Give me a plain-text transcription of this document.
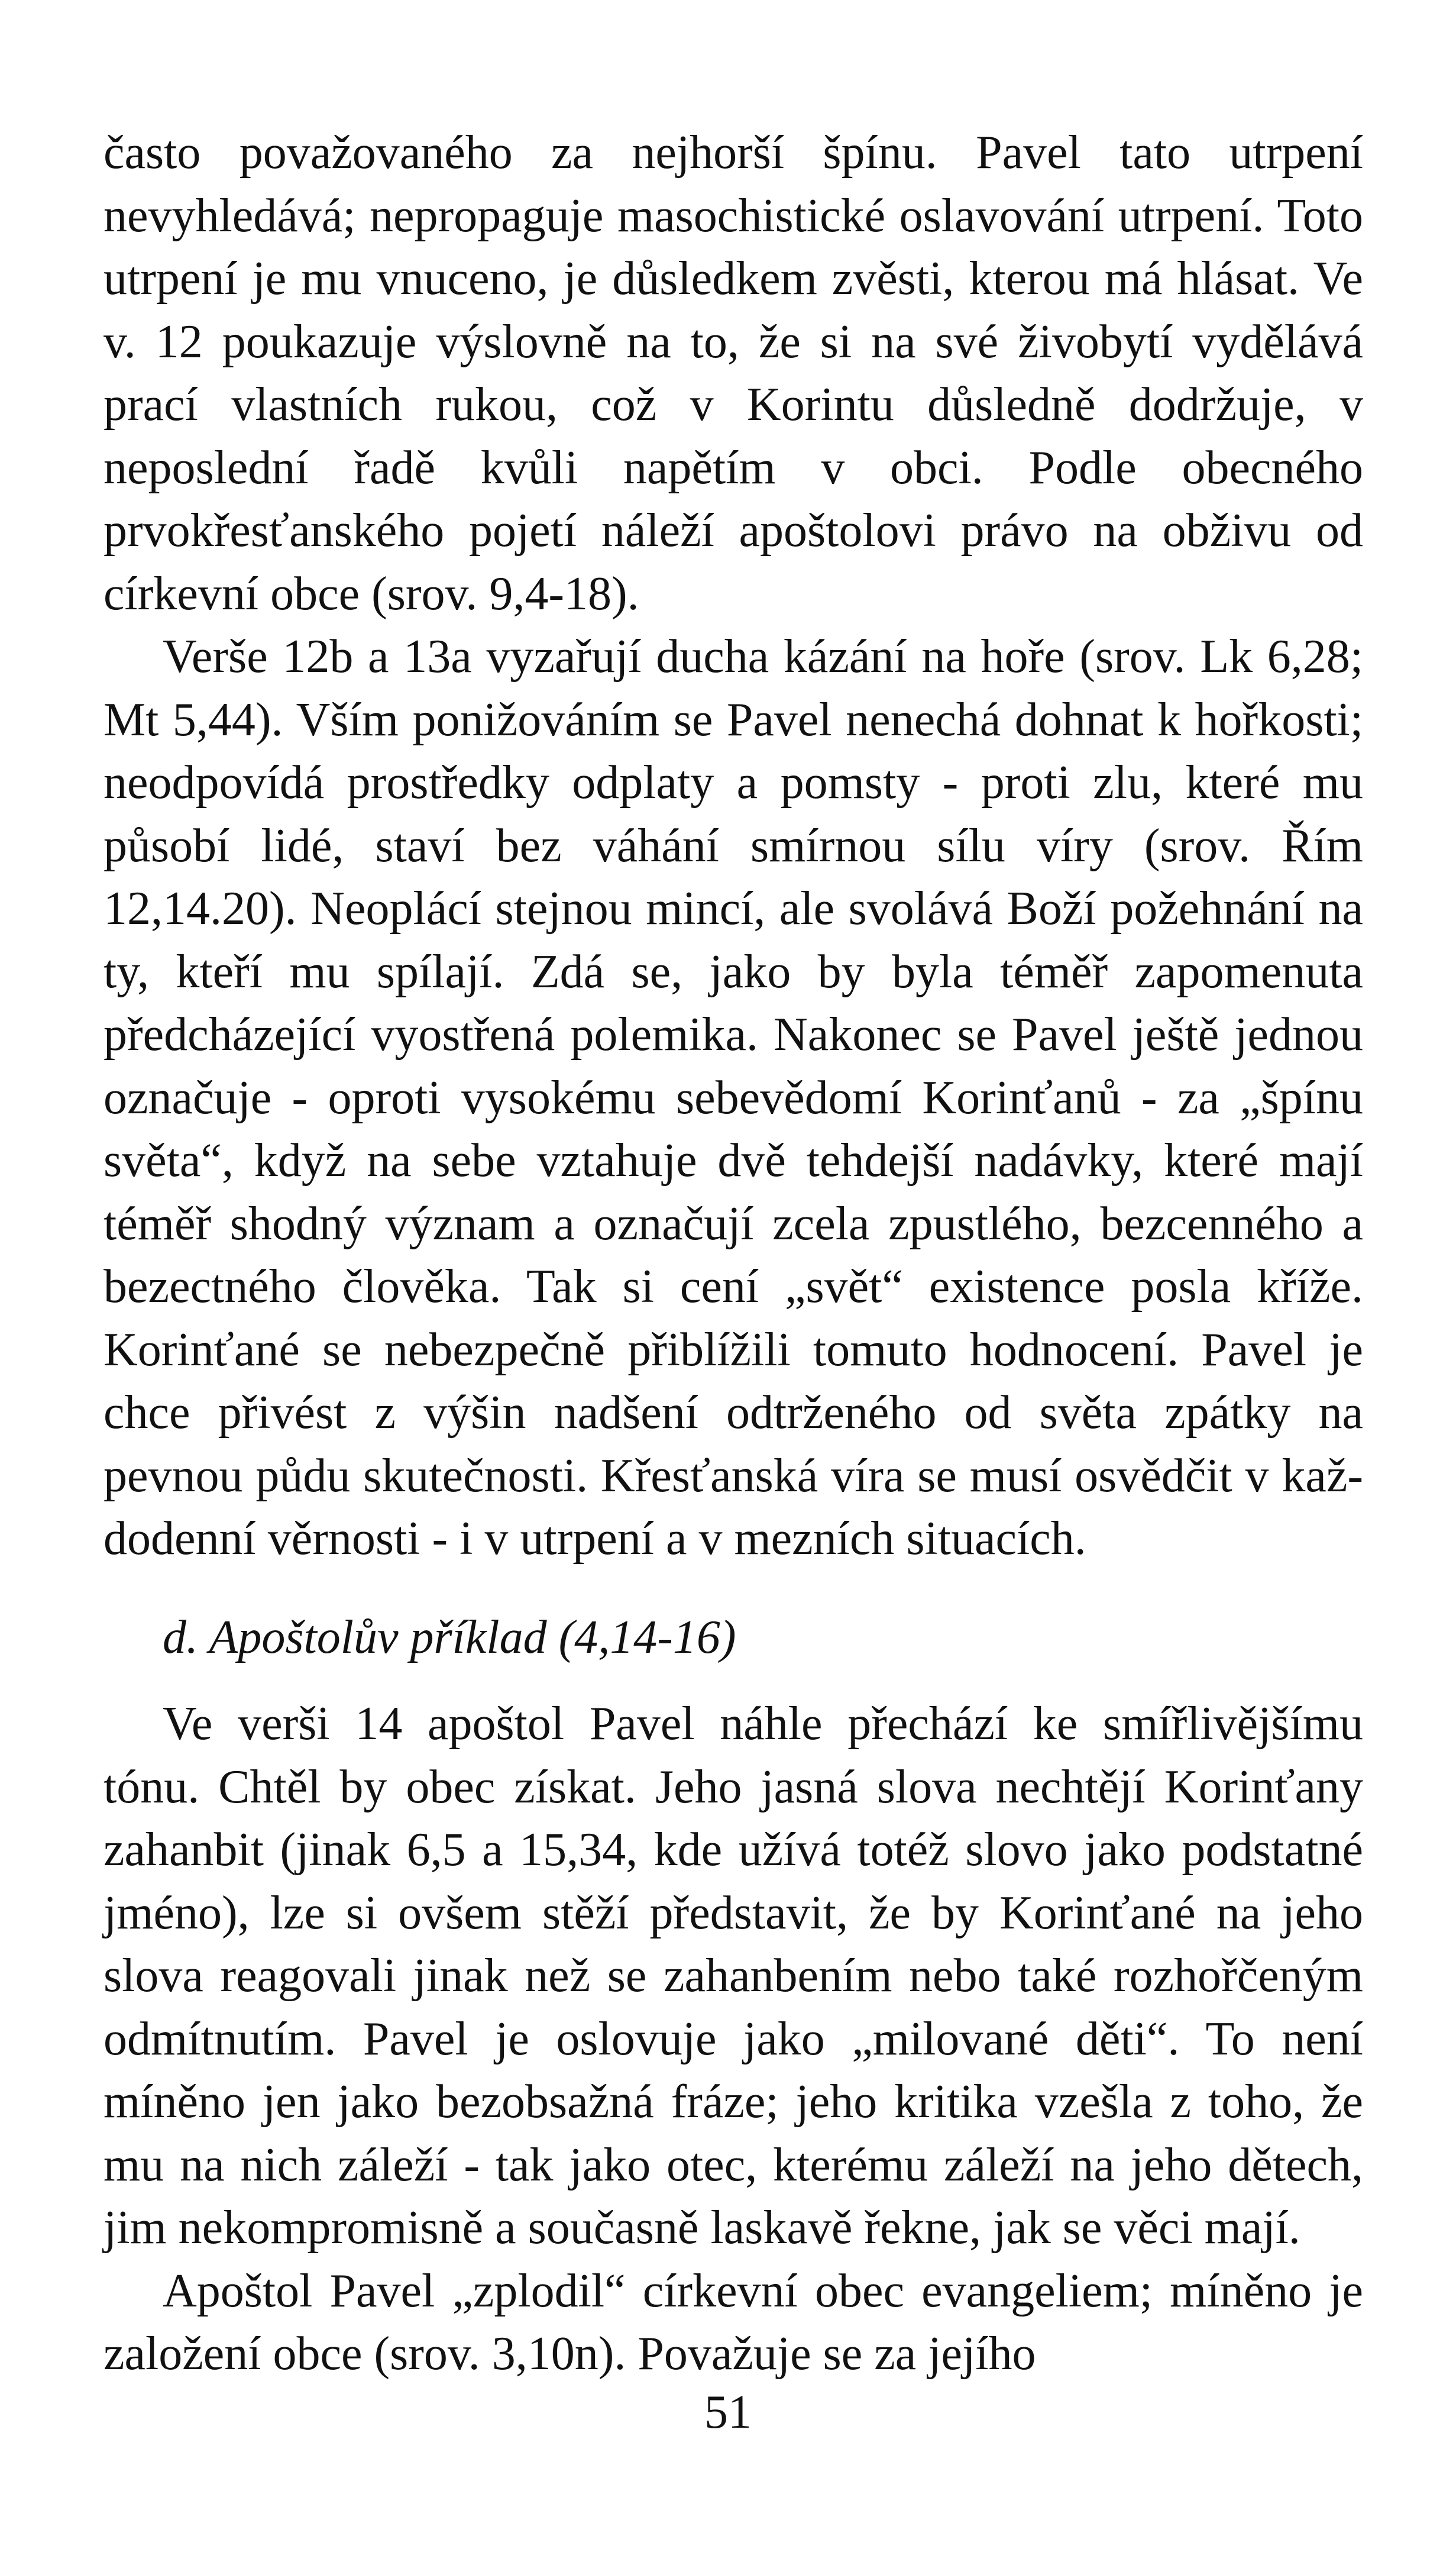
často považovaného za nejhorší špínu. Pavel tato utrpení nevyhledává; nepropaguje masochistické oslavování utrpení. Toto utrpení je mu vnuceno, je důsledkem zvěsti, kterou má hlásat. Ve v. 12 poukazuje výslovně na to, že si na své živobytí vydělává prací vlastních rukou, což v Korintu důsledně dodržuje, v neposlední řadě kvůli napětím v obci. Podle obecného prvokřesťanského pojetí náleží apoštolovi právo na obživu od církevní obce (srov. 9,4-18).

Verše 12b a 13a vyzařují ducha kázání na hoře (srov. Lk 6,28; Mt 5,44). Vším ponižováním se Pavel nenechá dohnat k hořkosti; neodpovídá prostředky odplaty a pomsty - proti zlu, které mu působí lidé, staví bez váhání smírnou sílu víry (srov. Řím 12,14.20). Neoplácí stejnou mincí, ale svolává Boží požehnání na ty, kteří mu spílají. Zdá se, jako by byla téměř zapomenuta předcházející vyostřená polemika. Nakonec se Pavel ještě jednou označuje - oproti vysokému sebevědomí Korinťanů - za „špínu světa“, když na sebe vztahuje dvě tehdejší nadávky, které mají téměř shodný význam a označují zcela zpustlého, bezcenného a bezectného člověka. Tak si cení „svět“ existence posla kříže. Korinťané se nebezpečně přiblížili tomuto hodnocení. Pavel je chce přivést z výšin nadšení odtrženého od světa zpátky na pevnou půdu skutečnosti. Křesťanská víra se musí osvědčit v každodenní věrnosti - i v utrpení a v mezních situacích.

d. Apoštolův příklad (4,14-16)

Ve verši 14 apoštol Pavel náhle přechází ke smířlivějšímu tónu. Chtěl by obec získat. Jeho jasná slova nechtějí Korinťany zahanbit (jinak 6,5 a 15,34, kde užívá totéž slovo jako podstatné jméno), lze si ovšem stěží představit, že by Korinťané na jeho slova reagovali jinak než se zahanbením nebo také rozhořčeným odmítnutím. Pavel je oslovuje jako „milované děti“. To není míněno jen jako bezobsažná fráze; jeho kritika vzešla z toho, že mu na nich záleží - tak jako otec, kterému záleží na jeho dětech, jim nekompromisně a současně laskavě řekne, jak se věci mají.

Apoštol Pavel „zplodil“ církevní obec evangeliem; míněno je založení obce (srov. 3,10n). Považuje se za jejího

51
